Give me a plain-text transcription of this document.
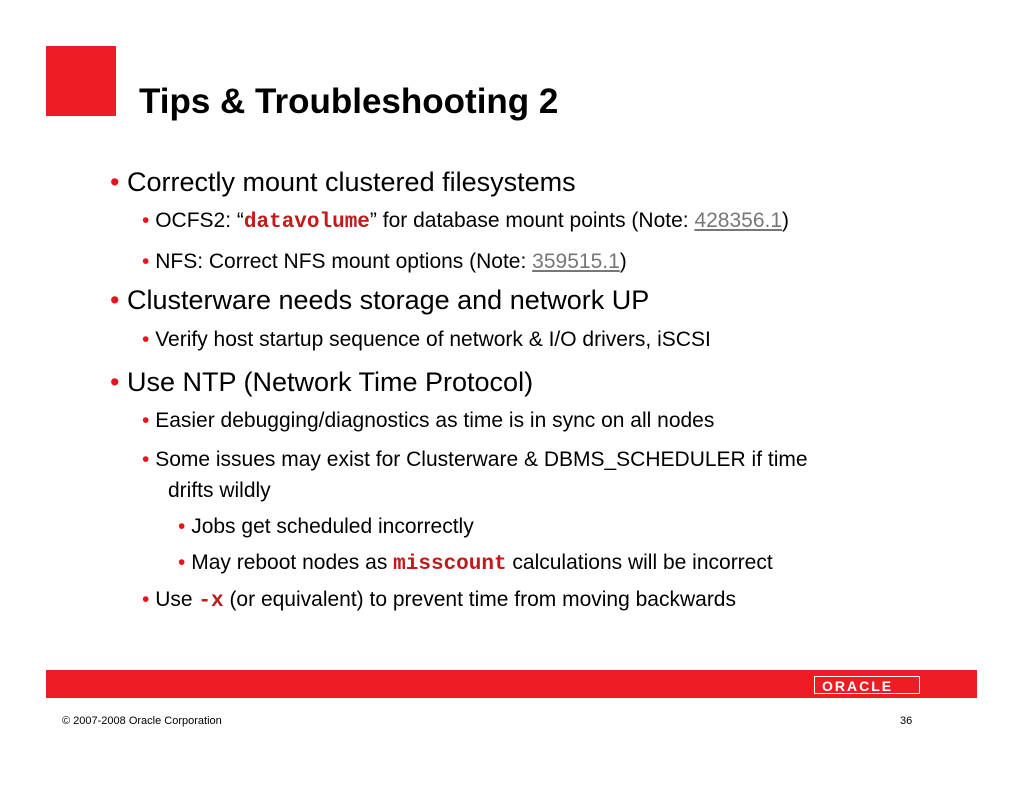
Tips & Troubleshooting 2
• Correctly mount clustered filesystems
• OCFS2: “datavolume” for database mount points (Note: 428356.1)
• NFS: Correct NFS mount options (Note: 359515.1)
• Clusterware needs storage and network UP
• Verify host startup sequence of network & I/O drivers, iSCSI
• Use NTP (Network Time Protocol)
• Easier debugging/diagnostics as time is in sync on all nodes
• Some issues may exist for Clusterware & DBMS_SCHEDULER if time
drifts wildly
• Jobs get scheduled incorrectly
• May reboot nodes as misscount calculations will be incorrect
• Use -x (or equivalent) to prevent time from moving backwards
ORACLE
© 2007-2008 Oracle Corporation	36
